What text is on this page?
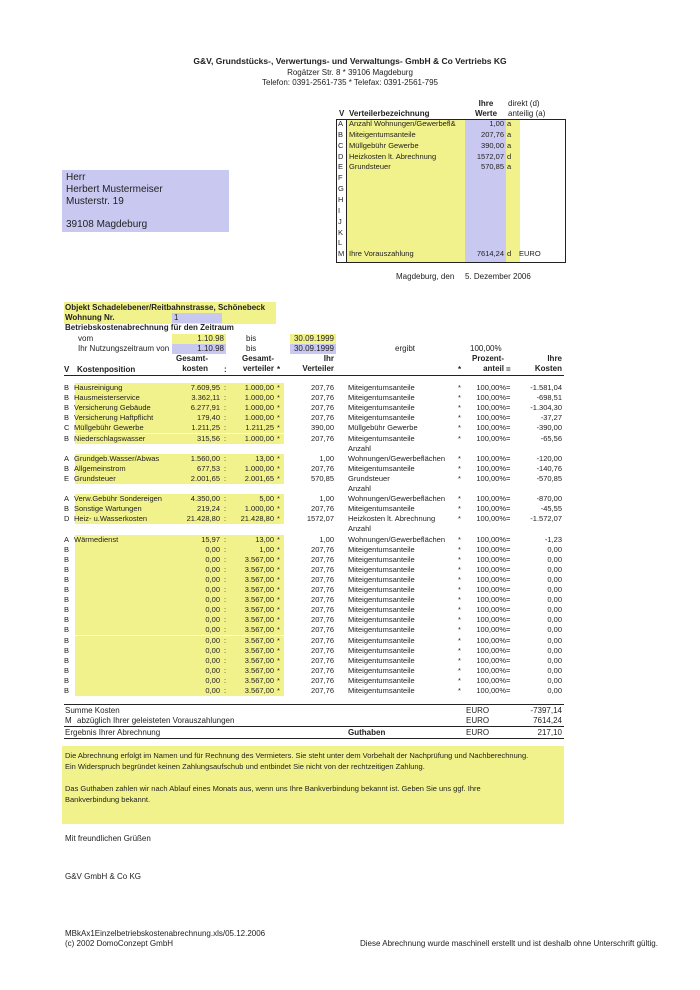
G&V, Grundstücks-, Verwertungs- und Verwaltungs- GmbH & Co Vertriebs KG
Rogätzer Str. 8 * 39106 Magdeburg
Telefon: 0391-2561-735 * Telefax: 0391-2561-795
V Verteilerbezeichnung
Ihre
Werte
direkt (d)
anteilig (a)
A Anzahl Wohnungen/Gewerbefl&	1,00 a
B Miteigentumsanteile	207,76 a
C Müllgebühr Gewerbe	390,00 a
D Heizkosten lt. Abrechnung	1572,07 d
E Grundsteuer	570,85 a
F
G
H
I
J
K
L
M Ihre Vorauszahlung	7614,24 d	EURO
Herr
Herbert Mustermeiser
Musterstr. 19
39108 Magdeburg
Magdeburg, den 5. Dezember 2006
Objekt Schadelebener/Reitbahnstrasse, Schönebeck
Wohnung Nr.	1
Betriebskostenabrechnung für den Zeitraum
vom	1.10.98	bis	30.09.1999
Ihr Nutzungszeitraum von	1.10.98	bis	30.09.1999	ergibt	100,00%
V Kostenposition
Gesamt-
kosten :
Gesamt-
verteiler *
Ihr
Verteiler	*
Prozent-
anteil =
Ihre
Kosten
B Hausreinigung	7.609,95 :	1.000,00 *	207,76 Miteigentumsanteile	*	100,00% =	-1.581,04
B Hausmeisterservice	3.362,11 :	1.000,00 *	207,76 Miteigentumsanteile	*	100,00% =	-698,51
B Versicherung Gebäude	6.277,91 :	1.000,00 *	207,76 Miteigentumsanteile	*	100,00% =	-1.304,30
B Versicherung Haftpflicht	179,40 :	1.000,00 *	207,76 Miteigentumsanteile	*	100,00% =	-37,27
C Müllgebühr Gewerbe	1.211,25 :	1.211,25 *	390,00 Müllgebühr Gewerbe	*	100,00% =	-390,00
B Niederschlagswasser	315,56 :	1.000,00 *	207,76 Miteigentumsanteile	*	100,00% =	-65,56
Anzahl
A Grundgeb.Wasser/Abwas	1.560,00 :	13,00 *	1,00 Wohnungen/Gewerbeflächen	*	100,00% =	-120,00
B Allgemeinstrom	677,53 :	1.000,00 *	207,76 Miteigentumsanteile	*	100,00% =	-140,76
E Grundsteuer	2.001,65 :	2.001,65 *	570,85 Grundsteuer	*	100,00% =	-570,85
Anzahl
A Verw.Gebühr Sondereigen	4.350,00 :	5,00 *	1,00 Wohnungen/Gewerbeflächen	*	100,00% =	-870,00
B Sonstige Wartungen	219,24 :	1.000,00 *	207,76 Miteigentumsanteile	*	100,00% =	-45,55
D Heiz- u.Wasserkosten	21.428,80 :	21.428,80 *	1572,07 Heizkosten lt. Abrechnung	*	100,00% =	-1.572,07
Anzahl
A Wärmedienst	15,97 :	13,00 *	1,00 Wohnungen/Gewerbeflächen	*	100,00% =	-1,23
B	0,00 :	1,00 *	207,76 Miteigentumsanteile	*	100,00% =	0,00
B	0,00 :	3.567,00 *	207,76 Miteigentumsanteile	*	100,00% =	0,00
B	0,00 :	3.567,00 *	207,76 Miteigentumsanteile	*	100,00% =	0,00
B	0,00 :	3.567,00 *	207,76 Miteigentumsanteile	*	100,00% =	0,00
B	0,00 :	3.567,00 *	207,76 Miteigentumsanteile	*	100,00% =	0,00
B	0,00 :	3.567,00 *	207,76 Miteigentumsanteile	*	100,00% =	0,00
B	0,00 :	3.567,00 *	207,76 Miteigentumsanteile	*	100,00% =	0,00
B	0,00 :	3.567,00 *	207,76 Miteigentumsanteile	*	100,00% =	0,00
B	0,00 :	3.567,00 *	207,76 Miteigentumsanteile	*	100,00% =	0,00
B	0,00 :	3.567,00 *	207,76 Miteigentumsanteile	*	100,00% =	0,00
B	0,00 :	3.567,00 *	207,76 Miteigentumsanteile	*	100,00% =	0,00
B	0,00 :	3.567,00 *	207,76 Miteigentumsanteile	*	100,00% =	0,00
B	0,00 :	3.567,00 *	207,76 Miteigentumsanteile	*	100,00% =	0,00
B	0,00 :	3.567,00 *	207,76 Miteigentumsanteile	*	100,00% =	0,00
B	0,00 :	3.567,00 *	207,76 Miteigentumsanteile	*	100,00% =	0,00
Summe Kosten	EURO	-7397,14
M abzüglich Ihrer geleisteten Vorauszahlungen	EURO	7614,24
Ergebnis Ihrer Abrechnung	Guthaben	EURO	217,10
Die Abrechnung erfolgt im Namen und für Rechnung des Vermieters. Sie steht unter dem Vorbehalt der Nachprüfung und Nachberechnung. Ein Widerspruch begründet keinen Zahlungsaufschub und entbindet Sie nicht von der rechtzeitigen Zahlung.
Das Guthaben zahlen wir nach Ablauf eines Monats aus, wenn uns Ihre Bankverbindung bekannt ist. Geben Sie uns ggf. Ihre Bankverbindung bekannt.
Mit freundlichen Grüßen
G&V GmbH & Co KG
MBkAx1Einzelbetriebskostenabrechnung.xls/05.12.2006
(c) 2002 DomoConzept GmbH	Diese Abrechnung wurde maschinell erstellt und ist deshalb ohne Unterschrift gültig.
